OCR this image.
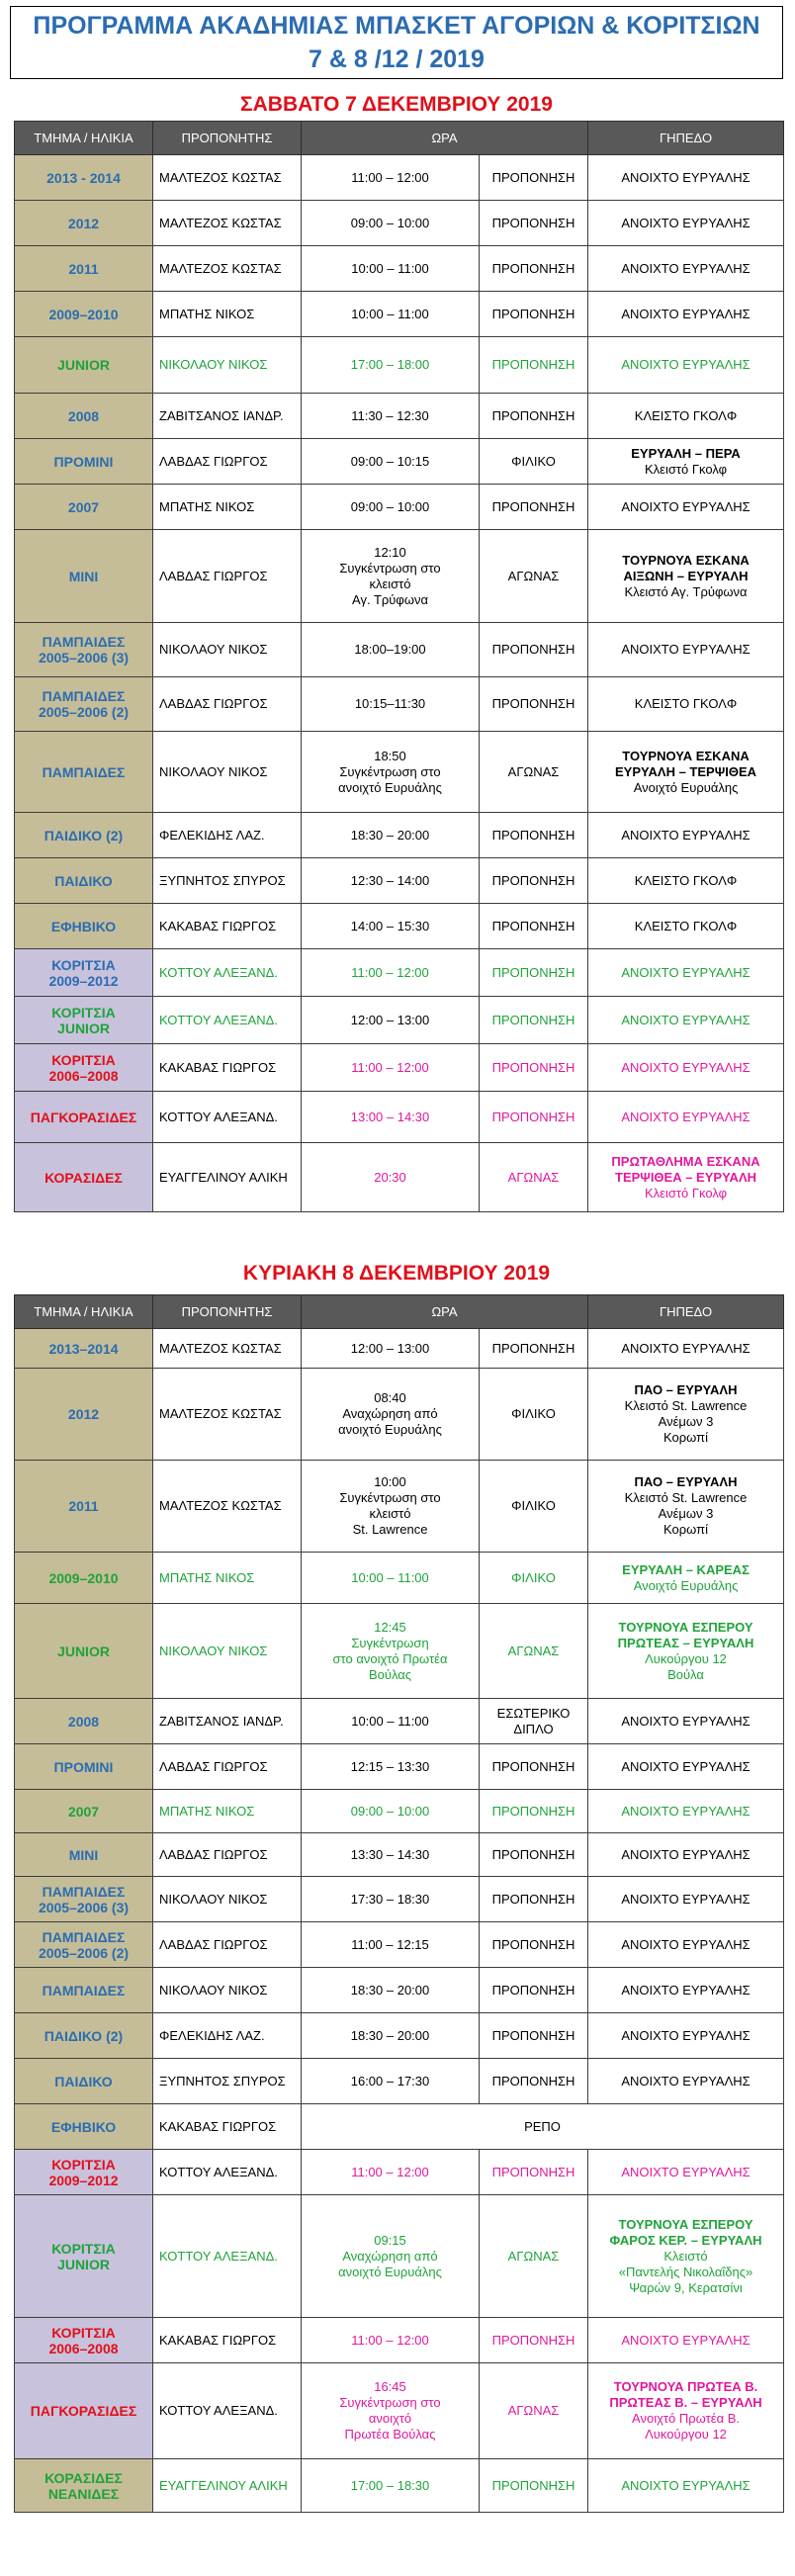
ΠΡΟΓΡΑΜΜΑ ΑΚΑΔΗΜΙΑΣ ΜΠΑΣΚΕΤ ΑΓΟΡΙΩΝ & ΚΟΡΙΤΣΙΩΝ
7 & 8 /12 / 2019
ΣΑΒΒΑΤΟ 7 ΔΕΚΕΜΒΡΙΟΥ 2019
ΤΜΗΜΑ / ΗΛΙΚΙΑ	ΠΡΟΠΟΝΗΤΗΣ	ΩΡΑ		ΓΗΠΕΔΟ
2013 - 2014	ΜΑΛΤΕΖΟΣ ΚΩΣΤΑΣ	11:00 – 12:00	ΠΡΟΠΟΝΗΣΗ	ΑΝΟΙΧΤΟ ΕΥΡΥΑΛΗΣ
2012	ΜΑΛΤΕΖΟΣ ΚΩΣΤΑΣ	09:00 – 10:00	ΠΡΟΠΟΝΗΣΗ	ΑΝΟΙΧΤΟ ΕΥΡΥΑΛΗΣ
2011	ΜΑΛΤΕΖΟΣ ΚΩΣΤΑΣ	10:00 – 11:00	ΠΡΟΠΟΝΗΣΗ	ΑΝΟΙΧΤΟ ΕΥΡΥΑΛΗΣ
2009–2010	ΜΠΑΤΗΣ ΝΙΚΟΣ	10:00 – 11:00	ΠΡΟΠΟΝΗΣΗ	ΑΝΟΙΧΤΟ ΕΥΡΥΑΛΗΣ
JUNIOR	ΝΙΚΟΛΑΟΥ ΝΙΚΟΣ	17:00 – 18:00	ΠΡΟΠΟΝΗΣΗ	ΑΝΟΙΧΤΟ ΕΥΡΥΑΛΗΣ
2008	ΖΑΒΙΤΣΑΝΟΣ ΙΑΝΔΡ.	11:30 – 12:30	ΠΡΟΠΟΝΗΣΗ	ΚΛΕΙΣΤΟ ΓΚΟΛΦ
ΠΡΟΜΙΝΙ	ΛΑΒΔΑΣ ΓΙΩΡΓΟΣ	09:00 – 10:15	ΦΙΛΙΚΟ	ΕΥΡΥΑΛΗ – ΠΕΡΑ
Κλειστό Γκολφ
2007	ΜΠΑΤΗΣ ΝΙΚΟΣ	09:00 – 10:00	ΠΡΟΠΟΝΗΣΗ	ΑΝΟΙΧΤΟ ΕΥΡΥΑΛΗΣ
MINI	ΛΑΒΔΑΣ ΓΙΩΡΓΟΣ	12:10
Συγκέντρωση στο
κλειστό
Αγ. Τρύφωνα	ΑΓΩΝΑΣ	ΤΟΥΡΝΟΥΑ ΕΣΚΑΝΑ
ΑΙΞΩΝΗ – ΕΥΡΥΑΛΗ
Κλειστό Αγ. Τρύφωνα
ΠΑΜΠΑΙΔΕΣ
2005–2006 (3)	ΝΙΚΟΛΑΟΥ ΝΙΚΟΣ	18:00–19:00	ΠΡΟΠΟΝΗΣΗ	ΑΝΟΙΧΤΟ ΕΥΡΥΑΛΗΣ
ΠΑΜΠΑΙΔΕΣ
2005–2006 (2)	ΛΑΒΔΑΣ ΓΙΩΡΓΟΣ	10:15–11:30	ΠΡΟΠΟΝΗΣΗ	ΚΛΕΙΣΤΟ ΓΚΟΛΦ
ΠΑΜΠΑΙΔΕΣ	ΝΙΚΟΛΑΟΥ ΝΙΚΟΣ	18:50
Συγκέντρωση στο
ανοιχτό Ευρυάλης	ΑΓΩΝΑΣ	ΤΟΥΡΝΟΥΑ ΕΣΚΑΝΑ
ΕΥΡΥΑΛΗ – ΤΕΡΨΙΘΕΑ
Ανοιχτό Ευρυάλης
ΠΑΙΔΙΚΟ (2)	ΦΕΛΕΚΙΔΗΣ ΛΑΖ.	18:30 – 20:00	ΠΡΟΠΟΝΗΣΗ	ΑΝΟΙΧΤΟ ΕΥΡΥΑΛΗΣ
ΠΑΙΔΙΚΟ	ΞΥΠΝΗΤΟΣ ΣΠΥΡΟΣ	12:30 – 14:00	ΠΡΟΠΟΝΗΣΗ	ΚΛΕΙΣΤΟ ΓΚΟΛΦ
ΕΦΗΒΙΚΟ	ΚΑΚΑΒΑΣ ΓΙΩΡΓΟΣ	14:00 – 15:30	ΠΡΟΠΟΝΗΣΗ	ΚΛΕΙΣΤΟ ΓΚΟΛΦ
ΚΟΡΙΤΣΙΑ
2009–2012	ΚΟΤΤΟΥ ΑΛΕΞΑΝΔ.	11:00 – 12:00	ΠΡΟΠΟΝΗΣΗ	ΑΝΟΙΧΤΟ ΕΥΡΥΑΛΗΣ
ΚΟΡΙΤΣΙΑ
JUNIOR	ΚΟΤΤΟΥ ΑΛΕΞΑΝΔ.	12:00 – 13:00	ΠΡΟΠΟΝΗΣΗ	ΑΝΟΙΧΤΟ ΕΥΡΥΑΛΗΣ
ΚΟΡΙΤΣΙΑ
2006–2008	ΚΑΚΑΒΑΣ ΓΙΩΡΓΟΣ	11:00 – 12:00	ΠΡΟΠΟΝΗΣΗ	ΑΝΟΙΧΤΟ ΕΥΡΥΑΛΗΣ
ΠΑΓΚΟΡΑΣΙΔΕΣ	ΚΟΤΤΟΥ ΑΛΕΞΑΝΔ.	13:00 – 14:30	ΠΡΟΠΟΝΗΣΗ	ΑΝΟΙΧΤΟ ΕΥΡΥΑΛΗΣ
ΚΟΡΑΣΙΔΕΣ	ΕΥΑΓΓΕΛΙΝΟΥ ΑΛΙΚΗ	20:30	ΑΓΩΝΑΣ	ΠΡΩΤΑΘΛΗΜΑ ΕΣΚΑΝΑ
ΤΕΡΨΙΘΕΑ – ΕΥΡΥΑΛΗ
Κλειστό Γκολφ
ΚΥΡΙΑΚΗ 8 ΔΕΚΕΜΒΡΙΟΥ 2019
ΤΜΗΜΑ / ΗΛΙΚΙΑ	ΠΡΟΠΟΝΗΤΗΣ	ΩΡΑ		ΓΗΠΕΔΟ
2013–2014	ΜΑΛΤΕΖΟΣ ΚΩΣΤΑΣ	12:00 – 13:00	ΠΡΟΠΟΝΗΣΗ	ΑΝΟΙΧΤΟ ΕΥΡΥΑΛΗΣ
2012	ΜΑΛΤΕΖΟΣ ΚΩΣΤΑΣ	08:40
Αναχώρηση από
ανοιχτό Ευρυάλης	ΦΙΛΙΚΟ	ΠΑΟ – ΕΥΡΥΑΛΗ
Κλειστό St. Lawrence
Ανέμων 3
Κορωπί
2011	ΜΑΛΤΕΖΟΣ ΚΩΣΤΑΣ	10:00
Συγκέντρωση στο
κλειστό
St. Lawrence	ΦΙΛΙΚΟ	ΠΑΟ – ΕΥΡΥΑΛΗ
Κλειστό St. Lawrence
Ανέμων 3
Κορωπί
2009–2010	ΜΠΑΤΗΣ ΝΙΚΟΣ	10:00 – 11:00	ΦΙΛΙΚΟ	ΕΥΡΥΑΛΗ – ΚΑΡΕΑΣ
Ανοιχτό Ευρυάλης
JUNIOR	ΝΙΚΟΛΑΟΥ ΝΙΚΟΣ	12:45
Συγκέντρωση
στο ανοιχτό Πρωτέα
Βούλας	ΑΓΩΝΑΣ	ΤΟΥΡΝΟΥΑ ΕΣΠΕΡΟΥ
ΠΡΩΤΕΑΣ – ΕΥΡΥΑΛΗ
Λυκούργου 12
Βούλα
2008	ΖΑΒΙΤΣΑΝΟΣ ΙΑΝΔΡ.	10:00 – 11:00	ΕΣΩΤΕΡΙΚΟ ΔΙΠΛΟ	ΑΝΟΙΧΤΟ ΕΥΡΥΑΛΗΣ
ΠΡΟΜΙΝΙ	ΛΑΒΔΑΣ ΓΙΩΡΓΟΣ	12:15 – 13:30	ΠΡΟΠΟΝΗΣΗ	ΑΝΟΙΧΤΟ ΕΥΡΥΑΛΗΣ
2007	ΜΠΑΤΗΣ ΝΙΚΟΣ	09:00 – 10:00	ΠΡΟΠΟΝΗΣΗ	ΑΝΟΙΧΤΟ ΕΥΡΥΑΛΗΣ
MINI	ΛΑΒΔΑΣ ΓΙΩΡΓΟΣ	13:30 – 14:30	ΠΡΟΠΟΝΗΣΗ	ΑΝΟΙΧΤΟ ΕΥΡΥΑΛΗΣ
ΠΑΜΠΑΙΔΕΣ
2005–2006 (3)	ΝΙΚΟΛΑΟΥ ΝΙΚΟΣ	17:30 – 18:30	ΠΡΟΠΟΝΗΣΗ	ΑΝΟΙΧΤΟ ΕΥΡΥΑΛΗΣ
ΠΑΜΠΑΙΔΕΣ
2005–2006 (2)	ΛΑΒΔΑΣ ΓΙΩΡΓΟΣ	11:00 – 12:15	ΠΡΟΠΟΝΗΣΗ	ΑΝΟΙΧΤΟ ΕΥΡΥΑΛΗΣ
ΠΑΜΠΑΙΔΕΣ	ΝΙΚΟΛΑΟΥ ΝΙΚΟΣ	18:30 – 20:00	ΠΡΟΠΟΝΗΣΗ	ΑΝΟΙΧΤΟ ΕΥΡΥΑΛΗΣ
ΠΑΙΔΙΚΟ (2)	ΦΕΛΕΚΙΔΗΣ ΛΑΖ.	18:30 – 20:00	ΠΡΟΠΟΝΗΣΗ	ΑΝΟΙΧΤΟ ΕΥΡΥΑΛΗΣ
ΠΑΙΔΙΚΟ	ΞΥΠΝΗΤΟΣ ΣΠΥΡΟΣ	16:00 – 17:30	ΠΡΟΠΟΝΗΣΗ	ΑΝΟΙΧΤΟ ΕΥΡΥΑΛΗΣ
ΕΦΗΒΙΚΟ	ΚΑΚΑΒΑΣ ΓΙΩΡΓΟΣ	ΡΕΠΟ		
ΚΟΡΙΤΣΙΑ
2009–2012	ΚΟΤΤΟΥ ΑΛΕΞΑΝΔ.	11:00 – 12:00	ΠΡΟΠΟΝΗΣΗ	ΑΝΟΙΧΤΟ ΕΥΡΥΑΛΗΣ
ΚΟΡΙΤΣΙΑ
JUNIOR	ΚΟΤΤΟΥ ΑΛΕΞΑΝΔ.	09:15
Αναχώρηση από
ανοιχτό Ευρυάλης	ΑΓΩΝΑΣ	ΤΟΥΡΝΟΥΑ ΕΣΠΕΡΟΥ
ΦΑΡΟΣ ΚΕΡ. – ΕΥΡΥΑΛΗ
Κλειστό
«Παντελής Νικολαΐδης»
Ψαρών 9, Κερατσίνι
ΚΟΡΙΤΣΙΑ
2006–2008	ΚΑΚΑΒΑΣ ΓΙΩΡΓΟΣ	11:00 – 12:00	ΠΡΟΠΟΝΗΣΗ	ΑΝΟΙΧΤΟ ΕΥΡΥΑΛΗΣ
ΠΑΓΚΟΡΑΣΙΔΕΣ	ΚΟΤΤΟΥ ΑΛΕΞΑΝΔ.	16:45
Συγκέντρωση στο
ανοιχτό
Πρωτέα Βούλας	ΑΓΩΝΑΣ	ΤΟΥΡΝΟΥΑ ΠΡΩΤΕΑ Β.
ΠΡΩΤΕΑΣ Β. – ΕΥΡΥΑΛΗ
Ανοιχτό Πρωτέα Β.
Λυκούργου 12
ΚΟΡΑΣΙΔΕΣ
ΝΕΑΝΙΔΕΣ	ΕΥΑΓΓΕΛΙΝΟΥ ΑΛΙΚΗ	17:00 – 18:30	ΠΡΟΠΟΝΗΣΗ	ΑΝΟΙΧΤΟ ΕΥΡΥΑΛΗΣ
